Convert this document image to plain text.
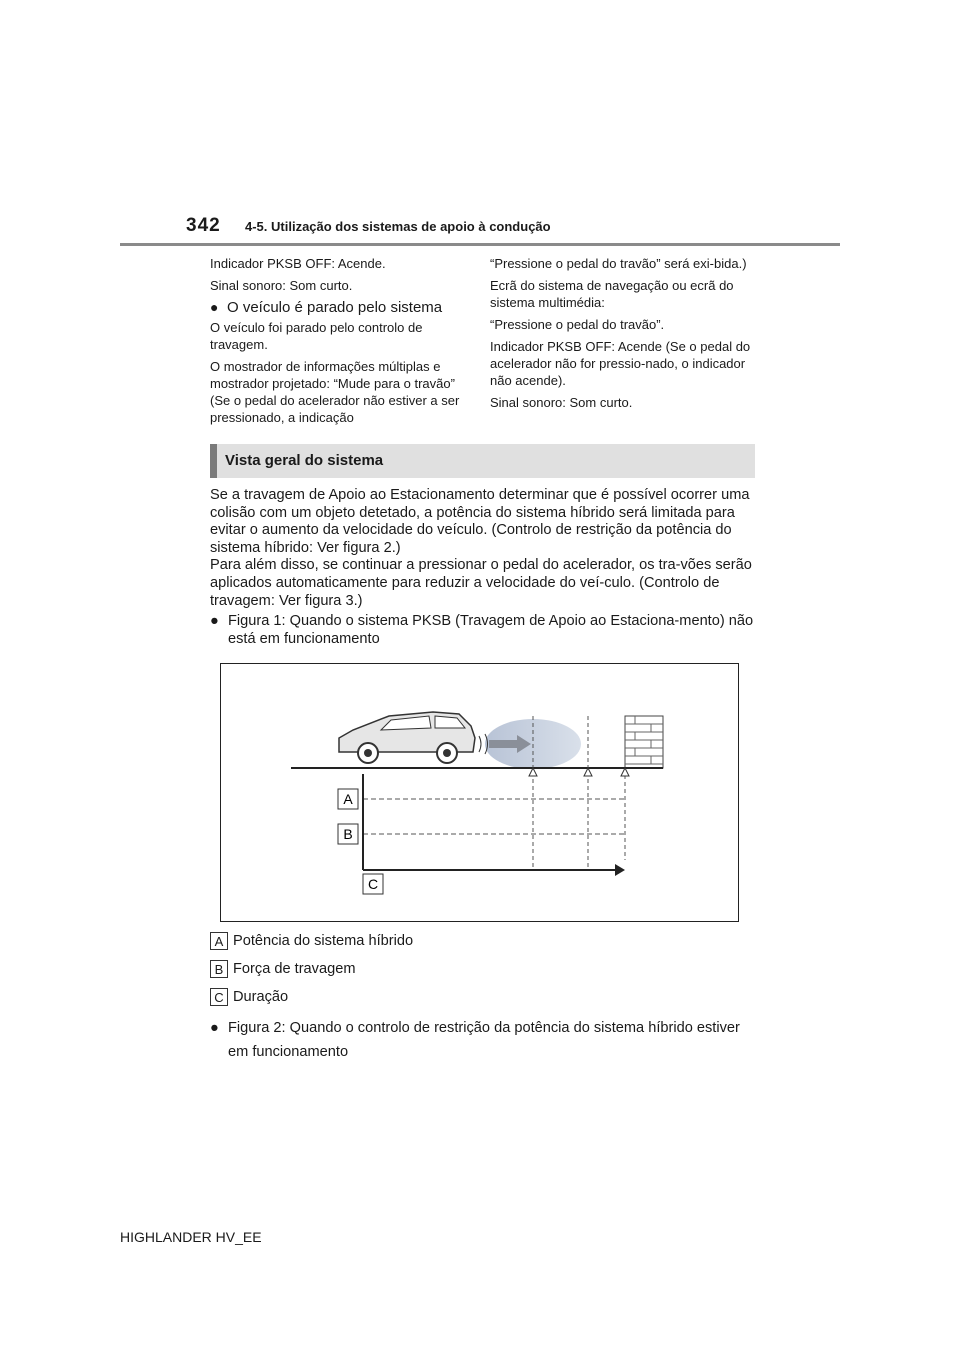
342 4-5. Utilização dos sistemas de apoio à condução

Indicador PKSB OFF: Acende.

Sinal sonoro: Som curto.

● O veículo é parado pelo sistema

O veículo foi parado pelo controlo de travagem.

O mostrador de informações múltiplas e mostrador projetado: “Mude para o travão” (Se o pedal do acelerador não estiver a ser pressionado, a indicação

“Pressione o pedal do travão” será exi-bida.)

Ecrã do sistema de navegação ou ecrã do sistema multimédia:

“Pressione o pedal do travão”.

Indicador PKSB OFF: Acende (Se o pedal do acelerador não for pressio-nado, o indicador não acende).

Sinal sonoro: Som curto.

Vista geral do sistema

Se a travagem de Apoio ao Estacionamento determinar que é possível ocorrer uma colisão com um objeto detetado, a potência do sistema híbrido será limitada para evitar o aumento da velocidade do veículo. (Controlo de restrição da potência do sistema híbrido: Ver figura 2.)

Para além disso, se continuar a pressionar o pedal do acelerador, os tra-vões serão aplicados automaticamente para reduzir a velocidade do veí-culo. (Controlo de travagem: Ver figura 3.)

● Figura 1: Quando o sistema PKSB (Travagem de Apoio ao Estaciona-mento) não está em funcionamento

A
B
C
A Potência do sistema híbrido
B Força de travagem
C Duração
● Figura 2: Quando o controlo de restrição da potência do sistema híbrido estiver em funcionamento
HIGHLANDER HV_EE
